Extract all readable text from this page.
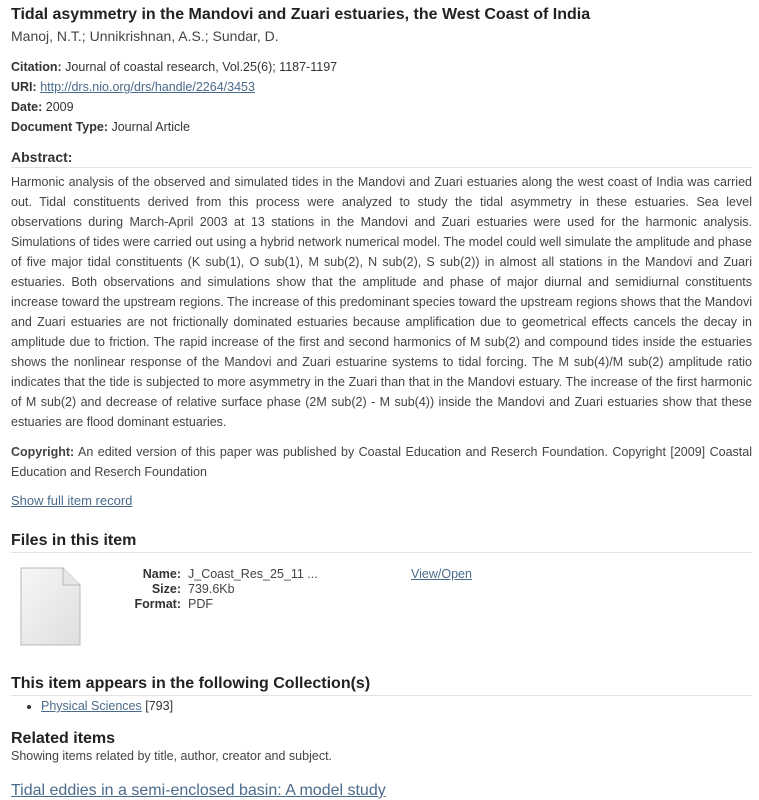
Tidal asymmetry in the Mandovi and Zuari estuaries, the West Coast of India
Manoj, N.T.; Unnikrishnan, A.S.; Sundar, D.
Citation: Journal of coastal research, Vol.25(6); 1187-1197
URI: http://drs.nio.org/drs/handle/2264/3453
Date: 2009
Document Type: Journal Article
Abstract:
Harmonic analysis of the observed and simulated tides in the Mandovi and Zuari estuaries along the west coast of India was carried out. Tidal constituents derived from this process were analyzed to study the tidal asymmetry in these estuaries. Sea level observations during March-April 2003 at 13 stations in the Mandovi and Zuari estuaries were used for the harmonic analysis. Simulations of tides were carried out using a hybrid network numerical model. The model could well simulate the amplitude and phase of five major tidal constituents (K sub(1), O sub(1), M sub(2), N sub(2), S sub(2)) in almost all stations in the Mandovi and Zuari estuaries. Both observations and simulations show that the amplitude and phase of major diurnal and semidiurnal constituents increase toward the upstream regions. The increase of this predominant species toward the upstream regions shows that the Mandovi and Zuari estuaries are not frictionally dominated estuaries because amplification due to geometrical effects cancels the decay in amplitude due to friction. The rapid increase of the first and second harmonics of M sub(2) and compound tides inside the estuaries shows the nonlinear response of the Mandovi and Zuari estuarine systems to tidal forcing. The M sub(4)/M sub(2) amplitude ratio indicates that the tide is subjected to more asymmetry in the Zuari than that in the Mandovi estuary. The increase of the first harmonic of M sub(2) and decrease of relative surface phase (2M sub(2) - M sub(4)) inside the Mandovi and Zuari estuaries show that these estuaries are flood dominant estuaries.
Copyright: An edited version of this paper was published by Coastal Education and Reserch Foundation. Copyright [2009] Coastal Education and Reserch Foundation
Show full item record
Files in this item
Name:
Size:
Format:
J_Coast_Res_25_11 ...
739.6Kb
PDF
View/Open
This item appears in the following Collection(s)
• Physical Sciences [793]
Related items
Showing items related by title, author, creator and subject.
Tidal eddies in a semi-enclosed basin: A model study
